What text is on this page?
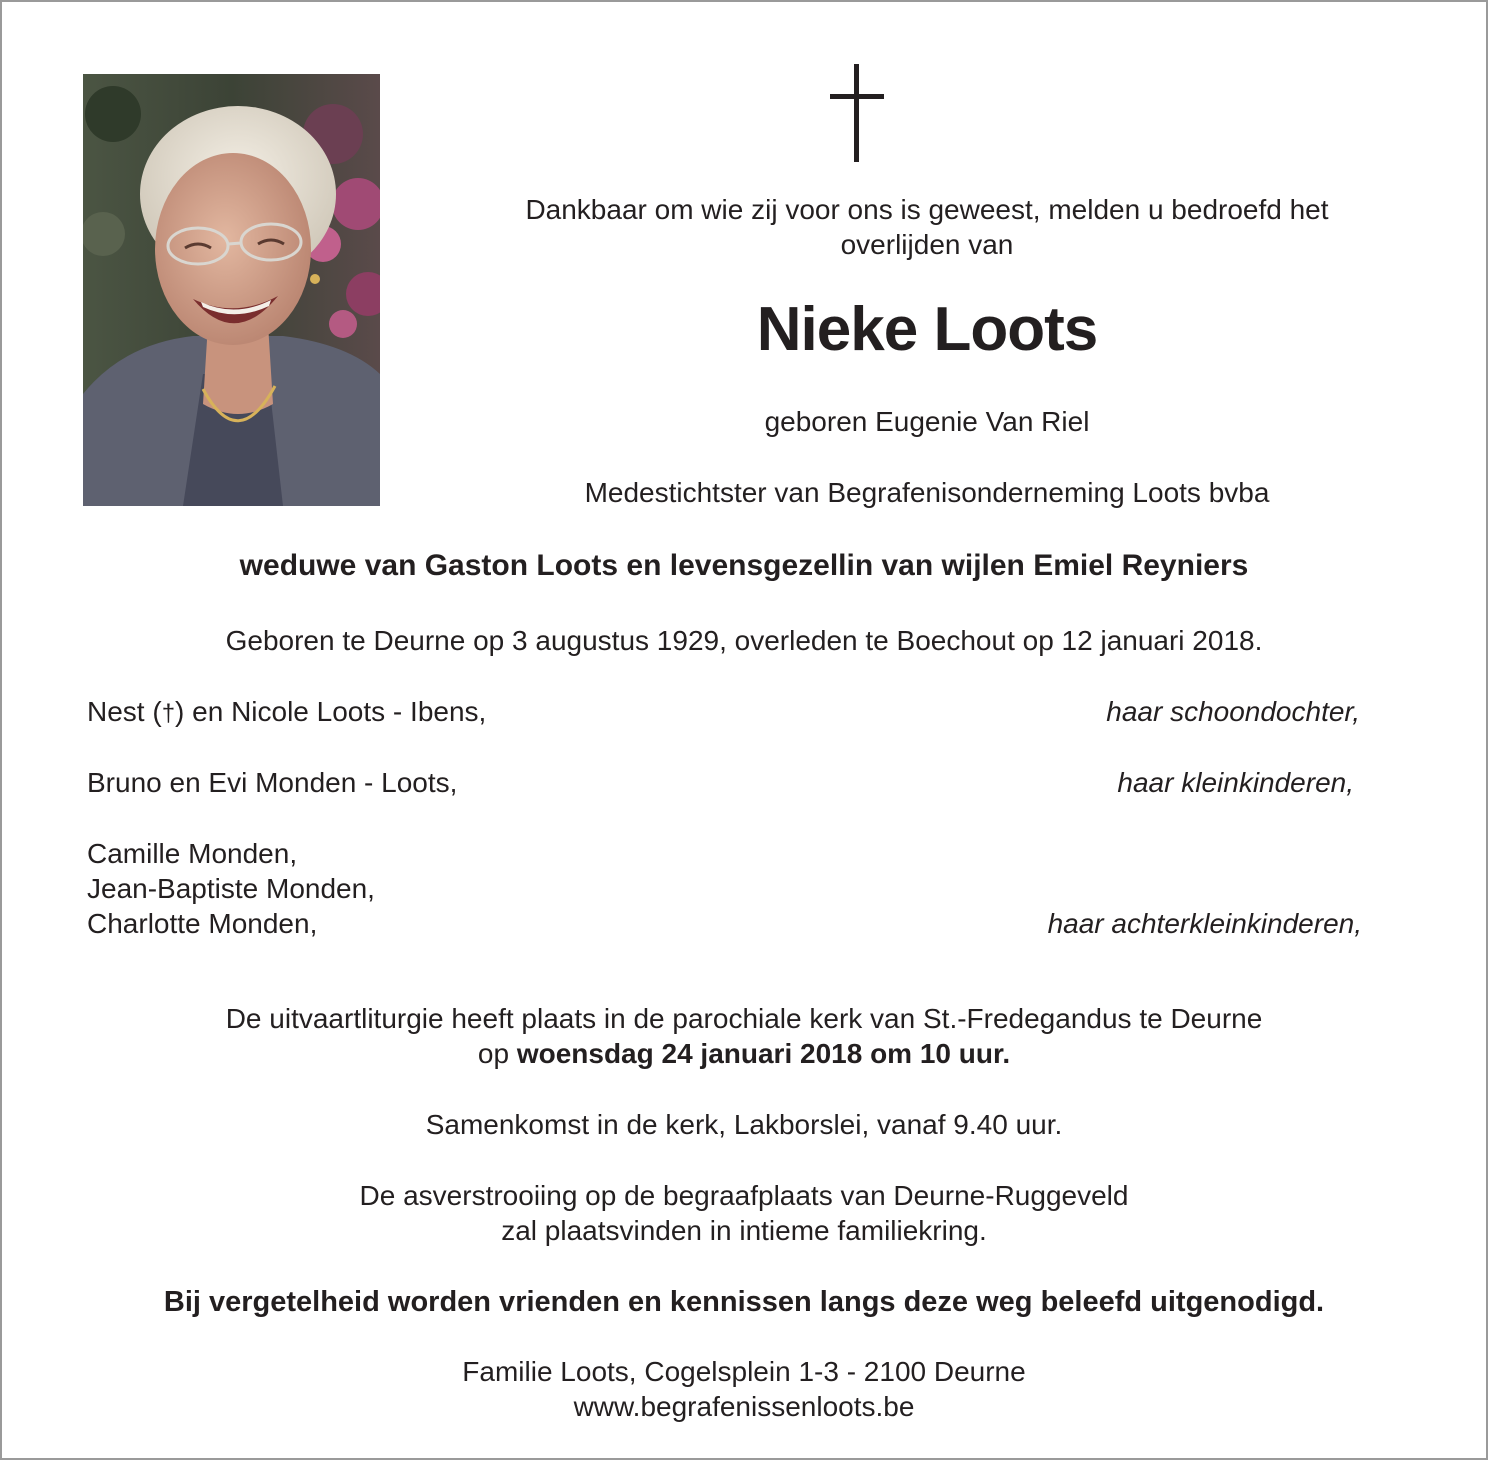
Dankbaar om wie zij voor ons is geweest, melden u bedroefd het

overlijden van

Nieke Loots

geboren Eugenie Van Riel

Medestichtster van Begrafenisonderneming Loots bvba

weduwe van Gaston Loots en levensgezellin van wijlen Emiel Reyniers

Geboren te Deurne op 3 augustus 1929, overleden te Boechout op 12 januari 2018.

Nest (†) en Nicole Loots - Ibens,	haar schoondochter,

Bruno en Evi Monden - Loots,	haar kleinkinderen,

Camille Monden,

Jean-Baptiste Monden,

Charlotte Monden,	haar achterkleinkinderen,

De uitvaartliturgie heeft plaats in de parochiale kerk van St.-Fredegandus te Deurne

op woensdag 24 januari 2018 om 10 uur.

Samenkomst in de kerk, Lakborslei, vanaf 9.40 uur.

De asverstrooiing op de begraafplaats van Deurne-Ruggeveld

zal plaatsvinden in intieme familiekring.

Bij vergetelheid worden vrienden en kennissen langs deze weg beleefd uitgenodigd.

Familie Loots, Cogelsplein 1-3 - 2100 Deurne

www.begrafenissenloots.be
